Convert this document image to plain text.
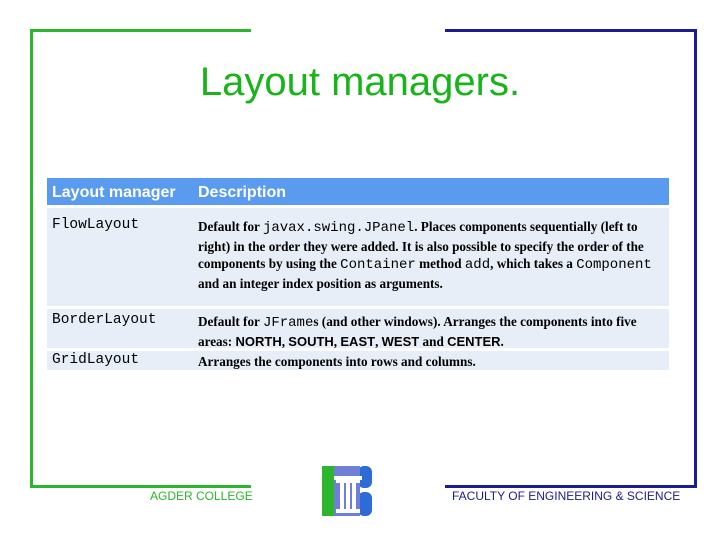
Layout managers.
Layout manager Description
FlowLayout	Default for javax.swing.JPanel. Places components sequentially (left to right) in the order they were added. It is also possible to specify the order of the components by using the Container method add, which takes a Component and an integer index position as arguments.
BorderLayout	Default for JFrames (and other windows). Arranges the components into five areas: NORTH, SOUTH, EAST, WEST and CENTER.
GridLayout	Arranges the components into rows and columns.
AGDER COLLEGE	FACULTY OF ENGINEERING & SCIENCE
